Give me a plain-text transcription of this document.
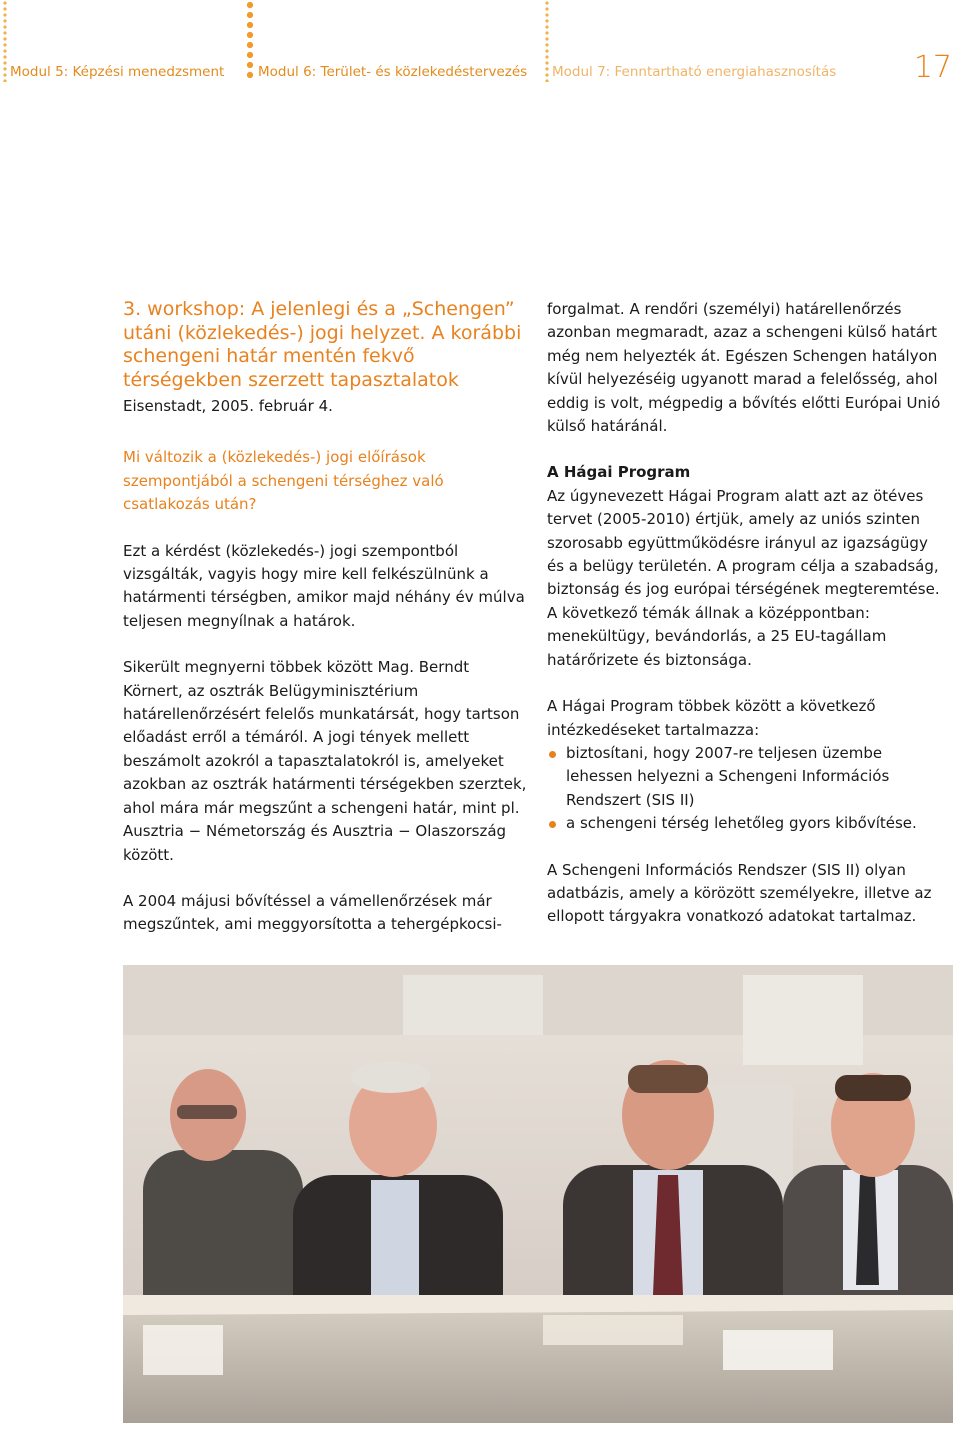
Modul 5: Képzési menedzsment Modul 6: Terület- és közlekedéstervezés Modul 7: Fenntartható energiahasznosítás	17
3. workshop: A jelenlegi és a „Schengen” utáni (közlekedés-) jogi helyzet. A korábbi schengeni határ mentén fekvő térségekben szerzett tapasztalatok

Eisenstadt, 2005. február 4.

Mi változik a (közlekedés-) jogi előírások szempontjából a schengeni térséghez való csatlakozás után?

Ezt a kérdést (közlekedés-) jogi szempontból vizsgálták, vagyis hogy mire kell felkészülnünk a határmenti térségben, amikor majd néhány év múlva teljesen megnyílnak a határok.

Sikerült megnyerni többek között Mag. Berndt Körnert, az osztrák Belügyminisztérium határellenőrzésért felelős munkatársát, hogy tartson előadást erről a témáról. A jogi tények mellett beszámolt azokról a tapasztalatokról is, amelyeket azokban az osztrák határmenti térségekben szerztek, ahol mára már megszűnt a schengeni határ, mint pl. Ausztria − Németország és Ausztria − Olaszország között.

A 2004 májusi bővítéssel a vámellenőrzések már megszűntek, ami meggyorsította a tehergépkocsi-

forgalmat. A rendőri (személyi) határellenőrzés azonban megmaradt, azaz a schengeni külső határt még nem helyezték át. Egészen Schengen hatályon kívül helyezéséig ugyanott marad a felelősség, ahol eddig is volt, mégpedig a bővítés előtti Európai Unió külső határánál.

A Hágai Program

Az úgynevezett Hágai Program alatt azt az ötéves tervet (2005-2010) értjük, amely az uniós szinten szorosabb együttműködésre irányul az igazságügy és a belügy területén. A program célja a szabadság, biztonság és jog európai térségének megteremtése. A következő témák állnak a középpontban: menekültügy, bevándorlás, a 25 EU-tagállam határőrizete és biztonsága.

A Hágai Program többek között a következő intézkedéseket tartalmazza:

biztosítani, hogy 2007-re teljesen üzembe lehessen helyezni a Schengeni Információs Rendszert (SIS II)
a schengeni térség lehetőleg gyors kibővítése.

A Schengeni Információs Rendszer (SIS II) olyan adatbázis, amely a körözött személyekre, illetve az ellopott tárgyakra vonatkozó adatokat tartalmaz.
